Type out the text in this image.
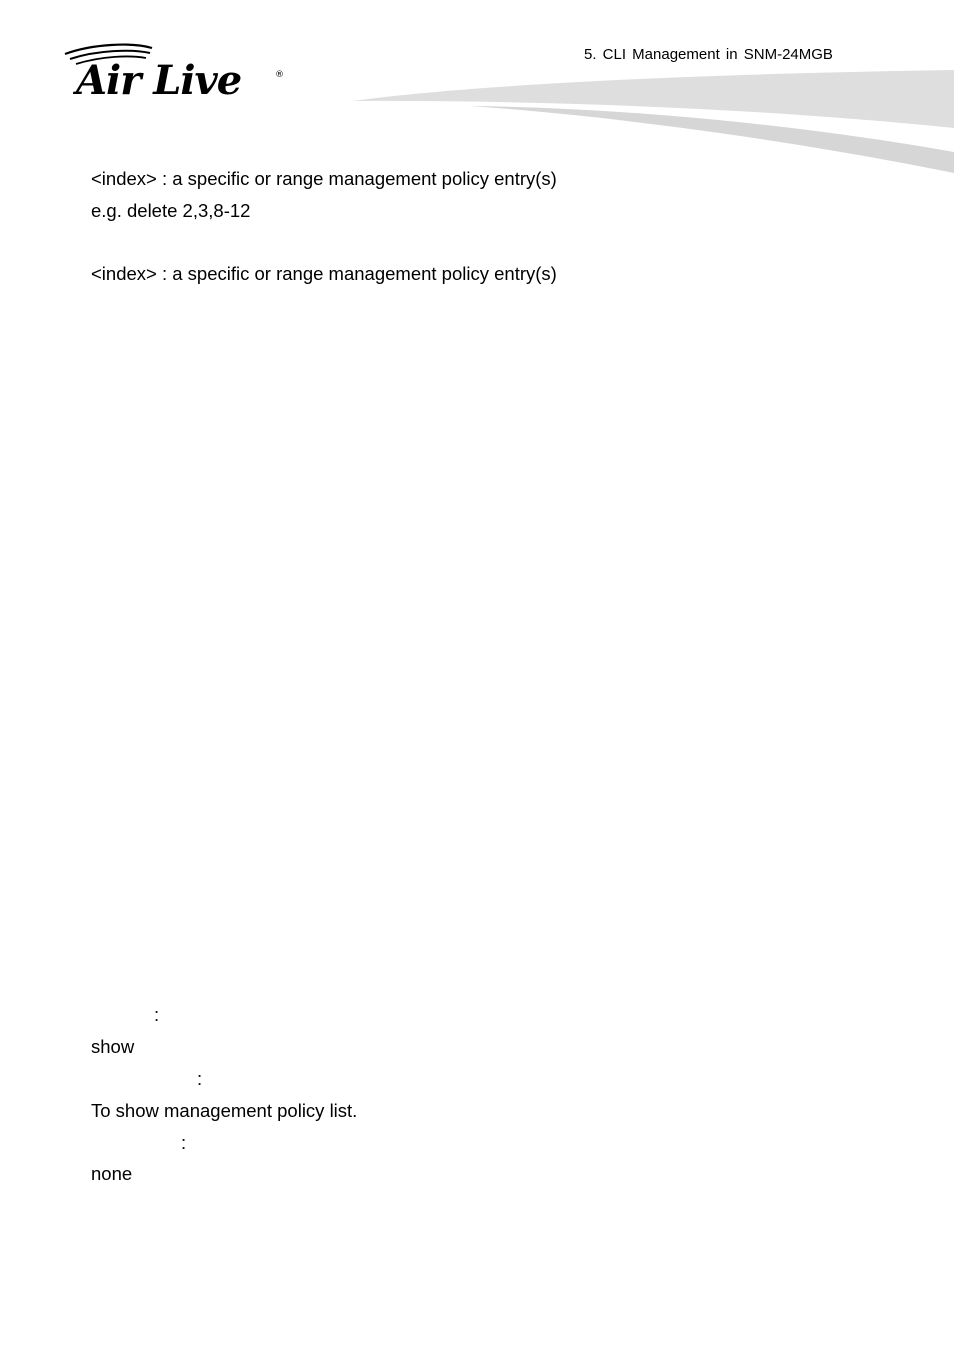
Air Live	®
5. CLI Management in SNM-24MGB
<index> : a specific or range management policy entry(s)
e.g. delete 2,3,8-12
<index> : a specific or range management policy entry(s)
:
show
:
To show management policy list.
:
none
